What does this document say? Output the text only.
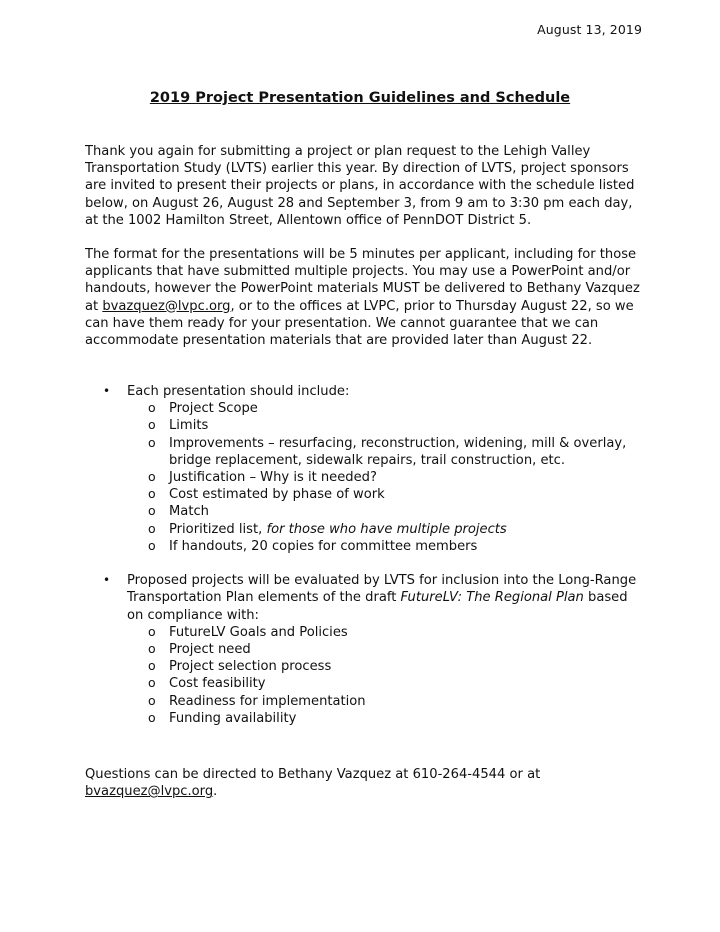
August 13, 2019
2019 Project Presentation Guidelines and Schedule

Thank you again for submitting a project or plan request to the Lehigh Valley Transportation Study (LVTS) earlier this year. By direction of LVTS, project sponsors are invited to present their projects or plans, in accordance with the schedule listed below, on August 26, August 28 and September 3, from 9 am to 3:30 pm each day, at the 1002 Hamilton Street, Allentown office of PennDOT District 5.

The format for the presentations will be 5 minutes per applicant, including for those applicants that have submitted multiple projects. You may use a PowerPoint and/or handouts, however the PowerPoint materials MUST be delivered to Bethany Vazquez at bvazquez@lvpc.org, or to the offices at LVPC, prior to Thursday August 22, so we can have them ready for your presentation. We cannot guarantee that we can accommodate presentation materials that are provided later than August 22.

• Each presentation should include:
o Project Scope
o Limits
o Improvements – resurfacing, reconstruction, widening, mill & overlay, bridge replacement, sidewalk repairs, trail construction, etc.
o Justification – Why is it needed?
o Cost estimated by phase of work
o Match
o Prioritized list, for those who have multiple projects
o If handouts, 20 copies for committee members
• Proposed projects will be evaluated by LVTS for inclusion into the Long-Range Transportation Plan elements of the draft FutureLV: The Regional Plan based on compliance with:
o FutureLV Goals and Policies
o Project need
o Project selection process
o Cost feasibility
o Readiness for implementation
o Funding availability

Questions can be directed to Bethany Vazquez at 610-264-4544 or at bvazquez@lvpc.org.
